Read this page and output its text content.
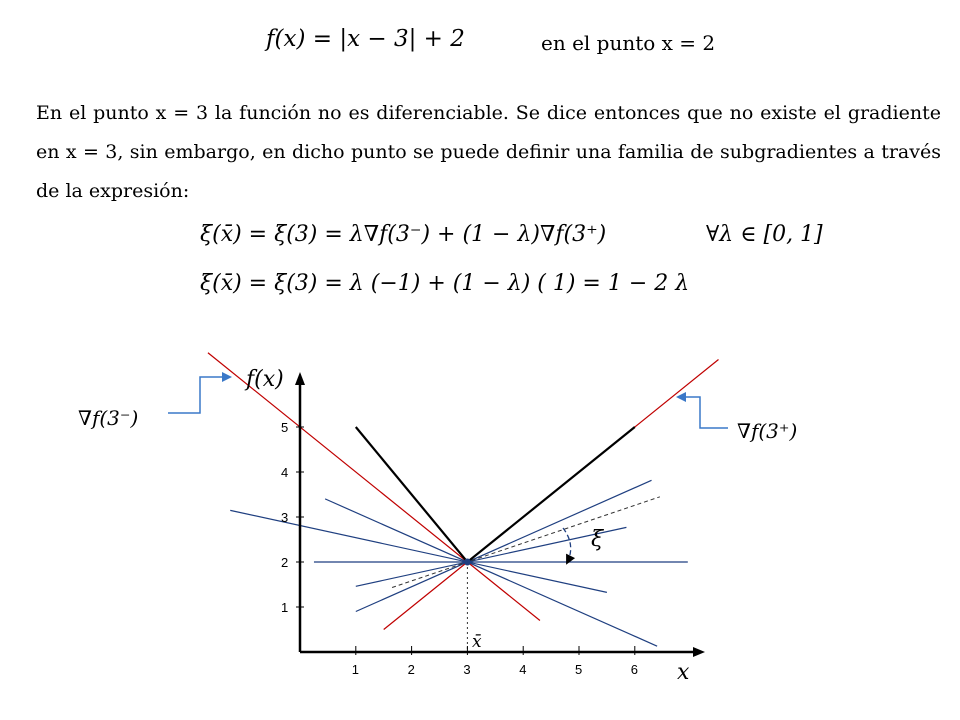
f(x) = |x − 3| + 2	en el punto x = 2
En el punto x = 3 la función no es diferenciable. Se dice entonces que no existe el gradiente
en x = 3, sin embargo, en dicho punto se puede definir una familia de subgradientes a través
de la expresión:
ξ(x̄) = ξ(3) = λ∇f(3⁻) + (1 − λ)∇f(3⁺)	∀λ ∈ [0, 1]
ξ(x̄) = ξ(3) = λ (−1) + (1 − λ) ( 1) = 1 − 2 λ
1	2	3	4	5	6
1
2
3
4
5
x
f(x)
∇f(3⁻)
∇f(3⁺)
ξ
x̄
